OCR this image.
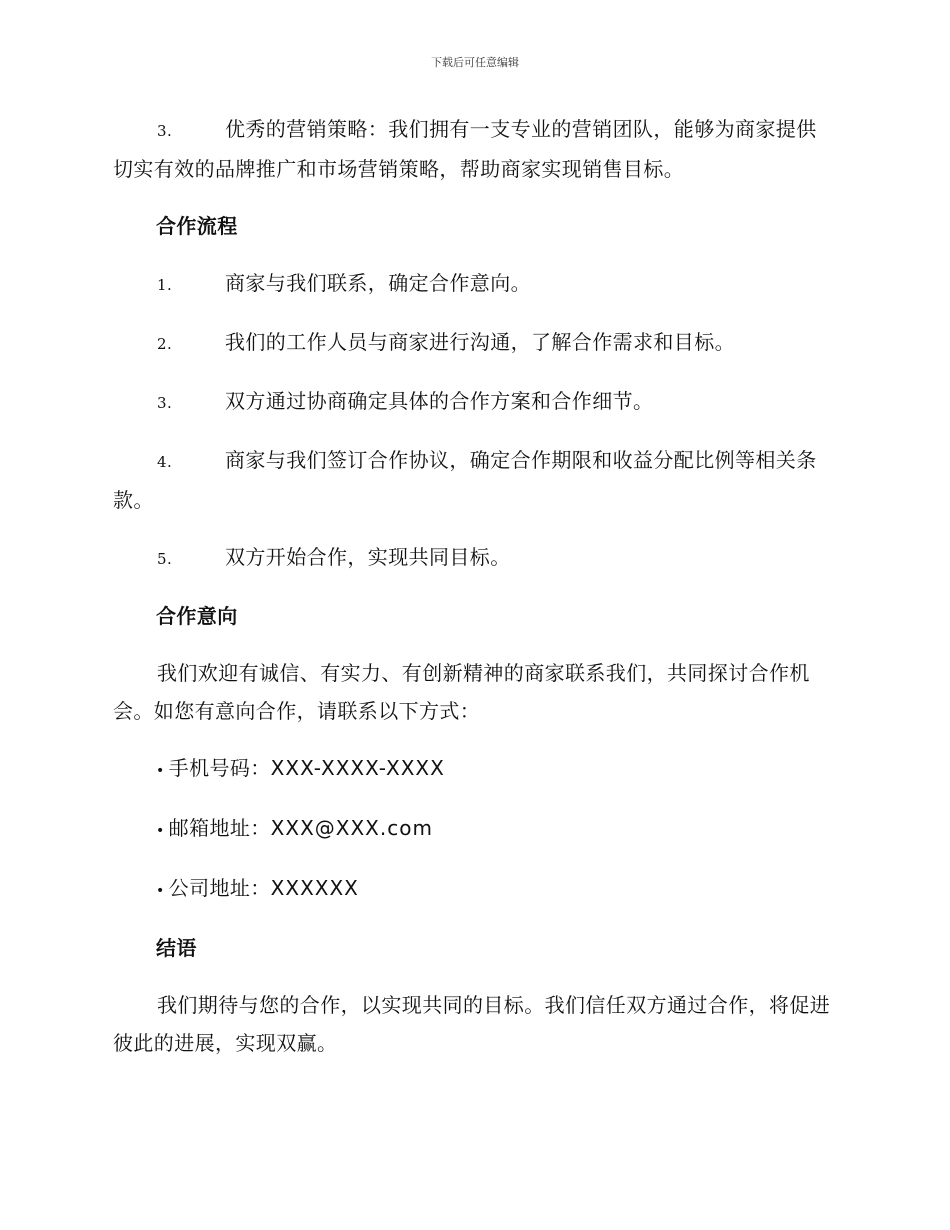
下载后可任意编辑

3.	优秀的营销策略：我们拥有一支专业的营销团队，能够为商家提供切实有效的品牌推广和市场营销策略，帮助商家实现销售目标。

合作流程

1.	商家与我们联系，确定合作意向。

2.	我们的工作人员与商家进行沟通，了解合作需求和目标。

3.	双方通过协商确定具体的合作方案和合作细节。

4.	商家与我们签订合作协议，确定合作期限和收益分配比例等相关条款。

5.	双方开始合作，实现共同目标。

合作意向

我们欢迎有诚信、有实力、有创新精神的商家联系我们，共同探讨合作机会。如您有意向合作，请联系以下方式：

• 手机号码：XXX-XXXX-XXXX

• 邮箱地址：XXX@XXX.com

• 公司地址：XXXXXX

结语

我们期待与您的合作，以实现共同的目标。我们信任双方通过合作，将促进彼此的进展，实现双赢。
